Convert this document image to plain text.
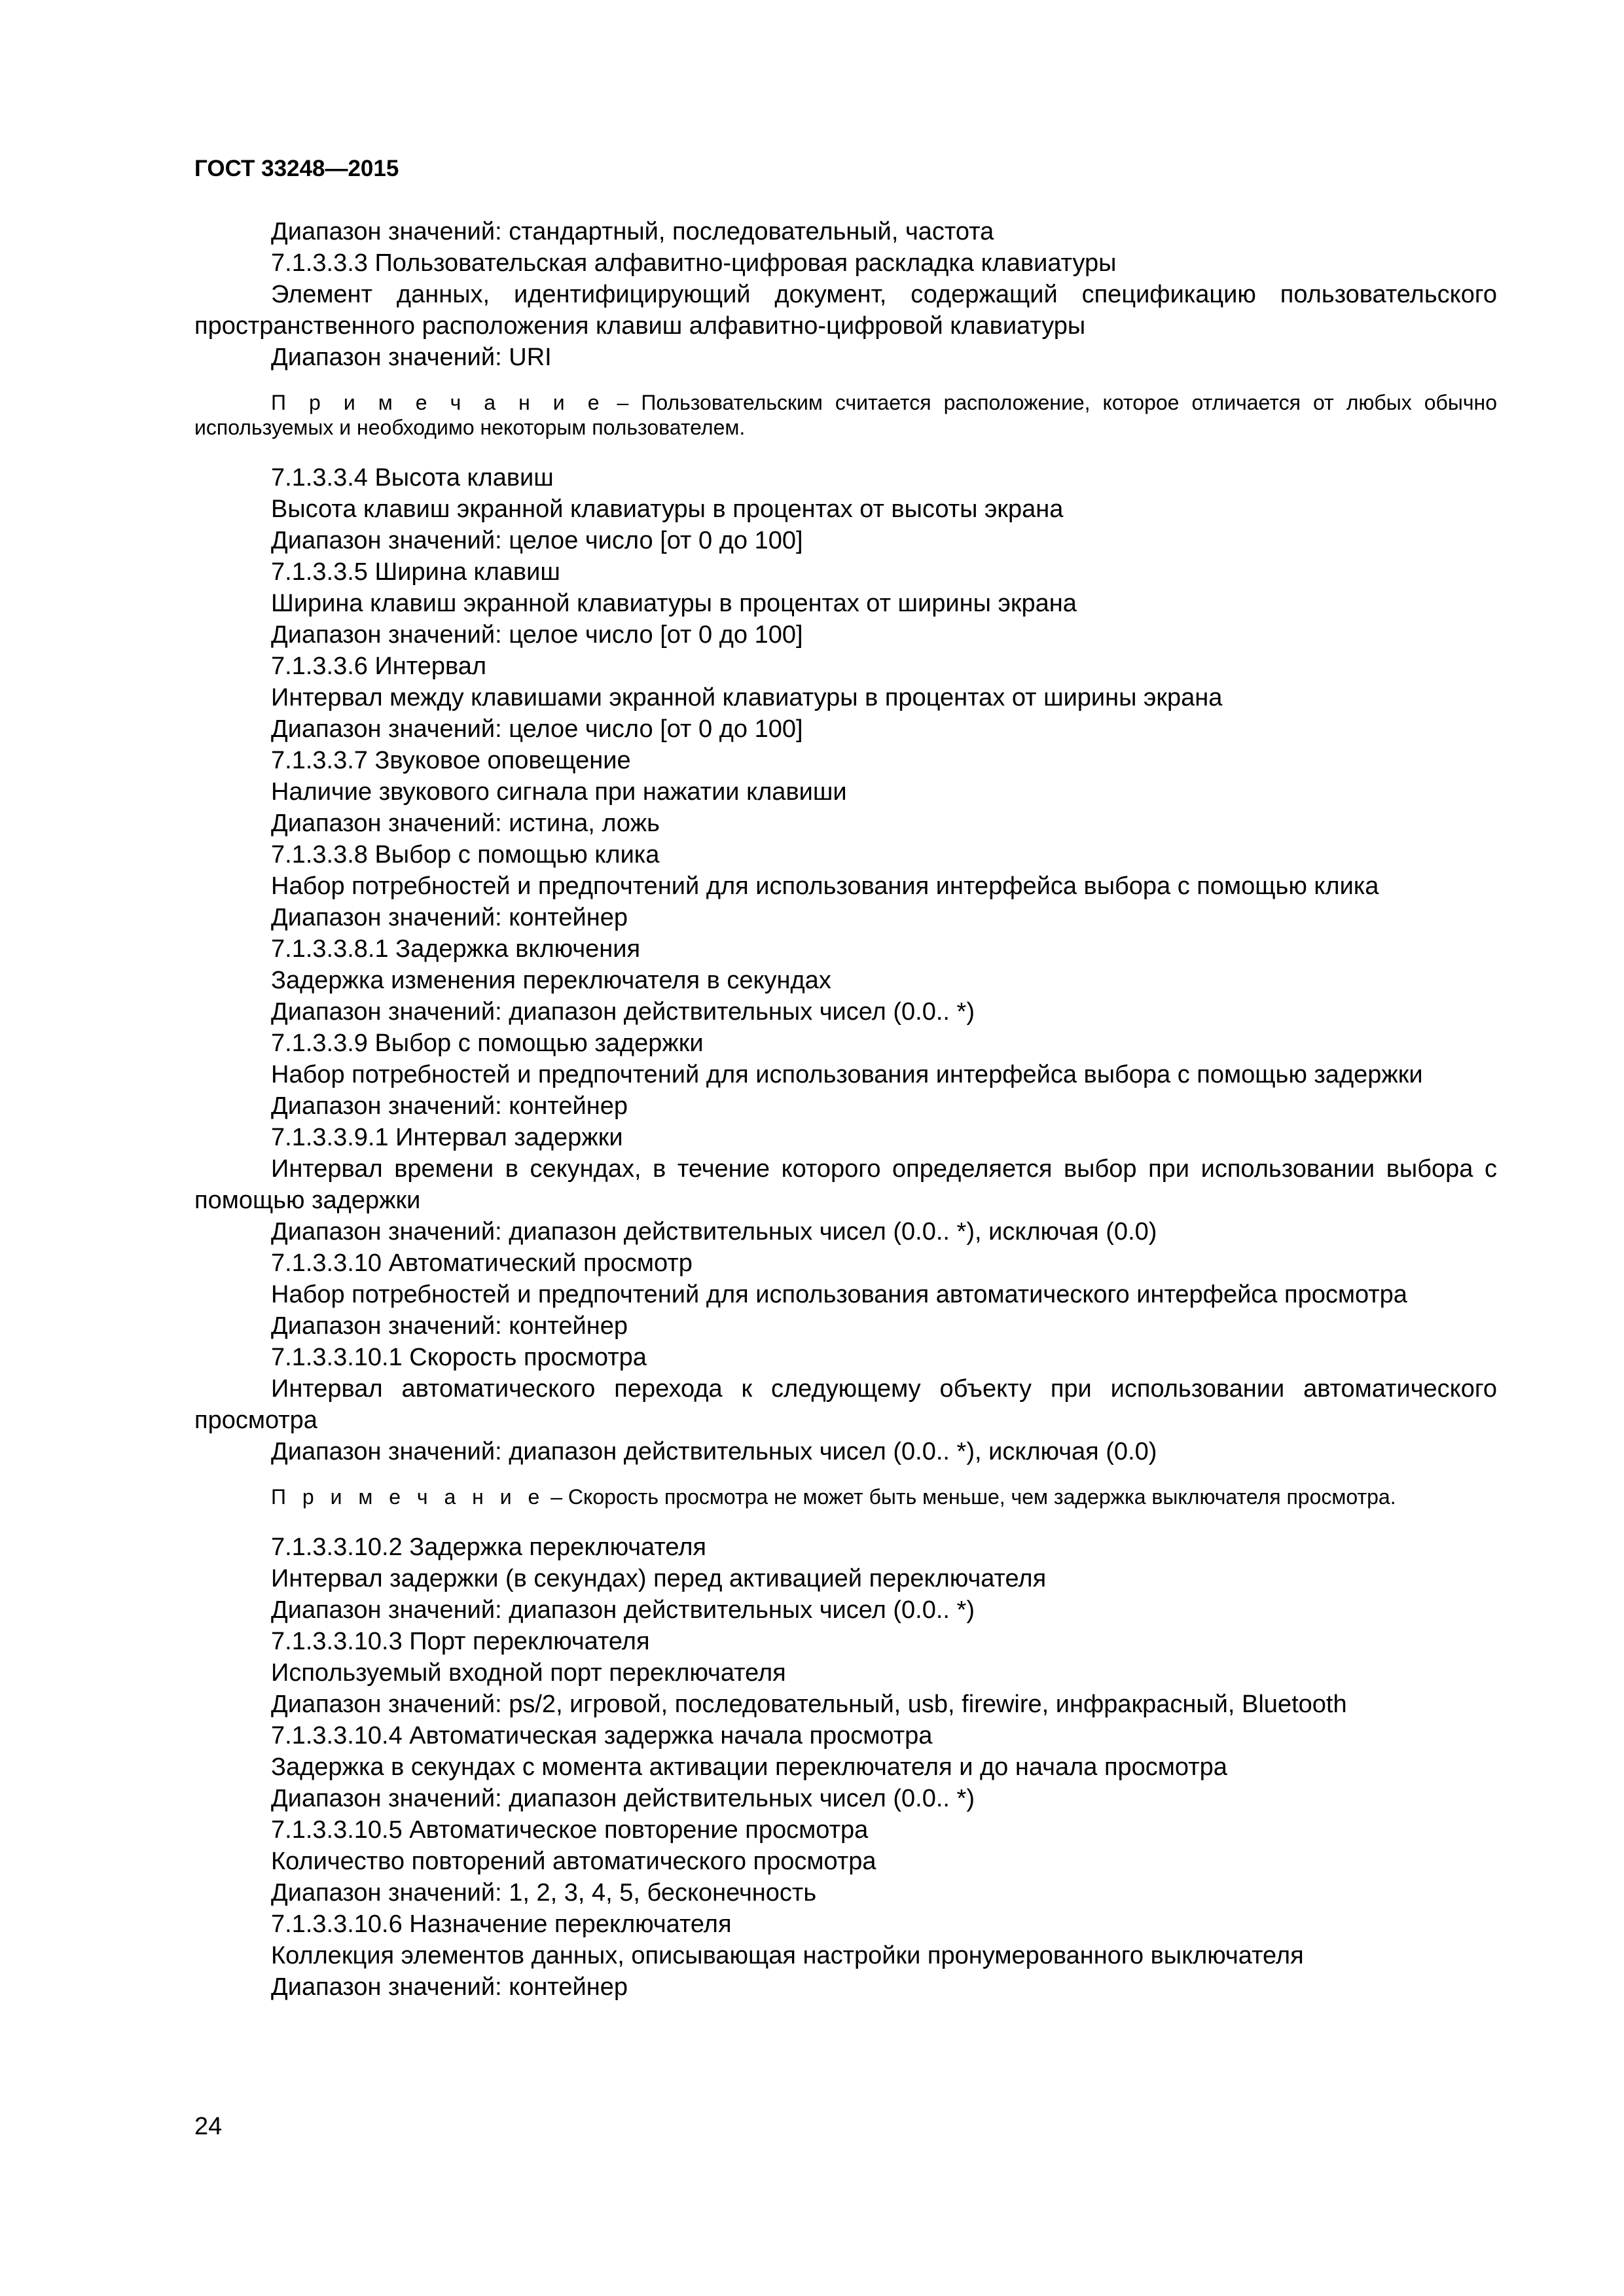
ГОСТ 33248—2015
Диапазон значений: стандартный, последовательный, частота
7.1.3.3.3 Пользовательская алфавитно-цифровая раскладка клавиатуры
Элемент данных, идентифицирующий документ, содержащий спецификацию пользовательского пространственного расположения клавиш алфавитно-цифровой клавиатуры
Диапазон значений: URI
П р и м е ч а н и е – Пользовательским считается расположение, которое отличается от любых обычно используемых и необходимо некоторым пользователем.
7.1.3.3.4 Высота клавиш
Высота клавиш экранной клавиатуры в процентах от высоты экрана
Диапазон значений: целое число [от 0 до 100]
7.1.3.3.5 Ширина клавиш
Ширина клавиш экранной клавиатуры в процентах от ширины экрана
Диапазон значений: целое число [от 0 до 100]
7.1.3.3.6 Интервал
Интервал между клавишами экранной клавиатуры в процентах от ширины экрана
Диапазон значений: целое число [от 0 до 100]
7.1.3.3.7 Звуковое оповещение
Наличие звукового сигнала при нажатии клавиши
Диапазон значений: истина, ложь
7.1.3.3.8 Выбор с помощью клика
Набор потребностей и предпочтений для использования интерфейса выбора с помощью клика
Диапазон значений: контейнер
7.1.3.3.8.1 Задержка включения
Задержка изменения переключателя в секундах
Диапазон значений: диапазон действительных чисел (0.0.. *)
7.1.3.3.9 Выбор с помощью задержки
Набор потребностей и предпочтений для использования интерфейса выбора с помощью задержки
Диапазон значений: контейнер
7.1.3.3.9.1 Интервал задержки
Интервал времени в секундах, в течение которого определяется выбор при использовании выбора с помощью задержки
Диапазон значений: диапазон действительных чисел (0.0.. *), исключая (0.0)
7.1.3.3.10 Автоматический просмотр
Набор потребностей и предпочтений для использования автоматического интерфейса просмотра
Диапазон значений: контейнер
7.1.3.3.10.1 Скорость просмотра
Интервал автоматического перехода к следующему объекту при использовании автоматического просмотра
Диапазон значений: диапазон действительных чисел (0.0.. *), исключая (0.0)
П р и м е ч а н и е – Скорость просмотра не может быть меньше, чем задержка выключателя просмотра.
7.1.3.3.10.2 Задержка переключателя
Интервал задержки (в секундах) перед активацией переключателя
Диапазон значений: диапазон действительных чисел (0.0.. *)
7.1.3.3.10.3 Порт переключателя
Используемый входной порт переключателя
Диапазон значений: ps/2, игровой, последовательный, usb, firewire, инфракрасный, Bluetooth
7.1.3.3.10.4 Автоматическая задержка начала просмотра
Задержка в секундах с момента активации переключателя и до начала просмотра
Диапазон значений: диапазон действительных чисел (0.0.. *)
7.1.3.3.10.5 Автоматическое повторение просмотра
Количество повторений автоматического просмотра
Диапазон значений: 1, 2, 3, 4, 5, бесконечность
7.1.3.3.10.6 Назначение переключателя
Коллекция элементов данных, описывающая настройки пронумерованного выключателя
Диапазон значений: контейнер
24
